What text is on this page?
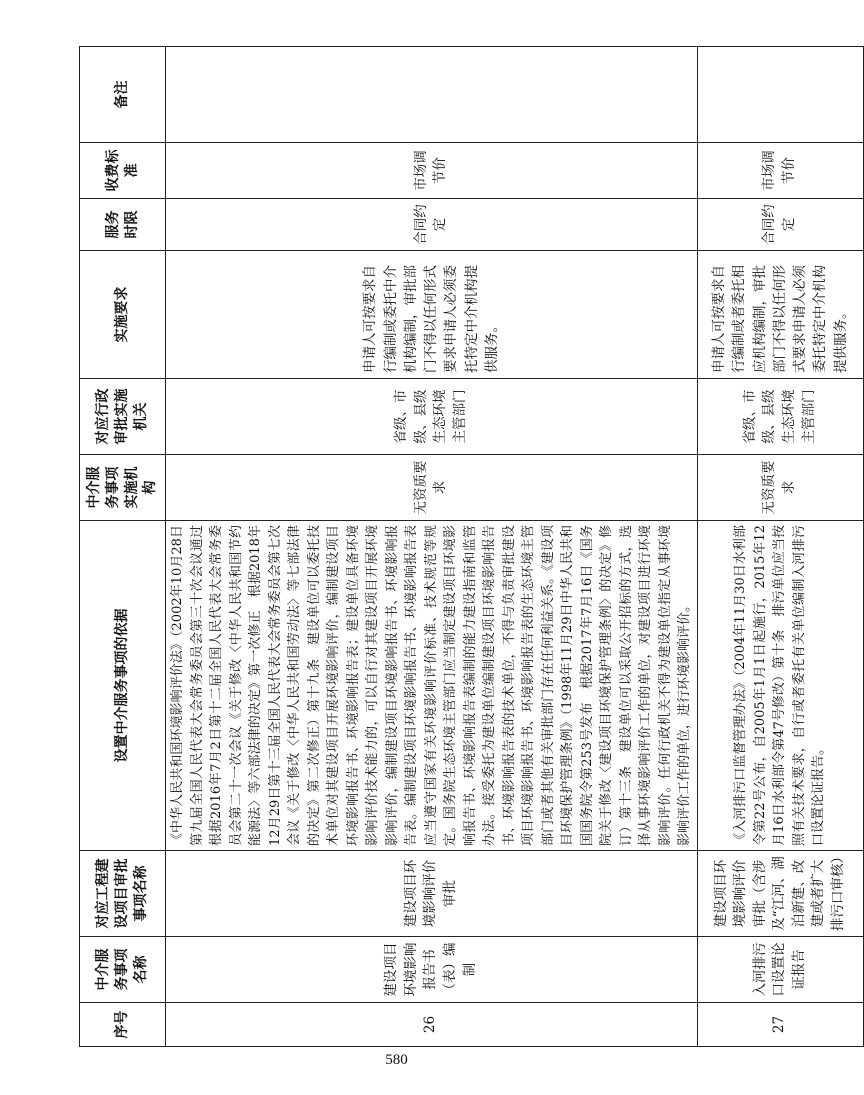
序号	中介服务事项名称	对应工程建设项目审批事项名称	设置中介服务事项的依据	中介服务事项实施机构	对应行政审批实施机关	实施要求	服务时限	收费标准	备注
26	建设项目环境影响报告书（表）编制	建设项目环境影响评价审批	《中华人民共和国环境影响评价法》（2002年10月28日第九届全国人民代表大会常务委员会第三十次会议通过　根据2016年7月2日第十二届全国人民代表大会常务委员会第二十一次会议《关于修改〈中华人民共和国节约能源法〉等六部法律的决定》第一次修正　根据2018年12月29日第十三届全国人民代表大会常务委员会第七次会议《关于修改〈中华人民共和国劳动法〉等七部法律的决定》第二次修正）第十九条　建设单位可以委托技术单位对其建设项目开展环境影响评价，编制建设项目环境影响报告书、环境影响报告表；建设单位具备环境影响评价技术能力的，可以自行对其建设项目开展环境影响评价，编制建设项目环境影响报告书、环境影响报告表。编制建设项目环境影响报告书、环境影响报告表应当遵守国家有关环境影响评价标准、技术规范等规定。国务院生态环境主管部门应当制定建设项目环境影响报告书、环境影响报告表编制的能力建设指南和监管办法。接受委托为建设单位编制建设项目环境影响报告书、环境影响报告表的技术单位，不得与负责审批建设项目环境影响报告书、环境影响报告表的生态环境主管部门或者其他有关审批部门存在任何利益关系。《建设项目环境保护管理条例》（1998年11月29日中华人民共和国国务院令第253号发布　根据2017年7月16日《国务院关于修改〈建设项目环境保护管理条例〉的决定》修订）第十三条　建设单位可以采取公开招标的方式，选择从事环境影响评价工作的单位，对建设项目进行环境影响评价。任何行政机关不得为建设单位指定从事环境影响评价工作的单位，进行环境影响评价。	无资质要求	省级、市级、县级生态环境主管部门	申请人可按要求自行编制或委托中介机构编制，审批部门不得以任何形式要求申请人必须委托特定中介机构提供服务。	合同约定	市场调节价	
27	入河排污口设置论证报告	建设项目环境影响评价审批（含涉及“江河、湖泊新建、改建或者扩大排污口审核）	《入河排污口监督管理办法》（2004年11月30日水利部令第22号公布，自2005年1月1日起施行，2015年12月16日水利部令第47号修改）第十条　排污单位应当按照有关技术要求，自行或者委托有关单位编制入河排污口设置论证报告。	无资质要求	省级、市级、县级生态环境主管部门	申请人可按要求自行编制或者委托相应机构编制，审批部门不得以任何形式要求申请人必须委托特定中介机构提供服务。	合同约定	市场调节价	
580
